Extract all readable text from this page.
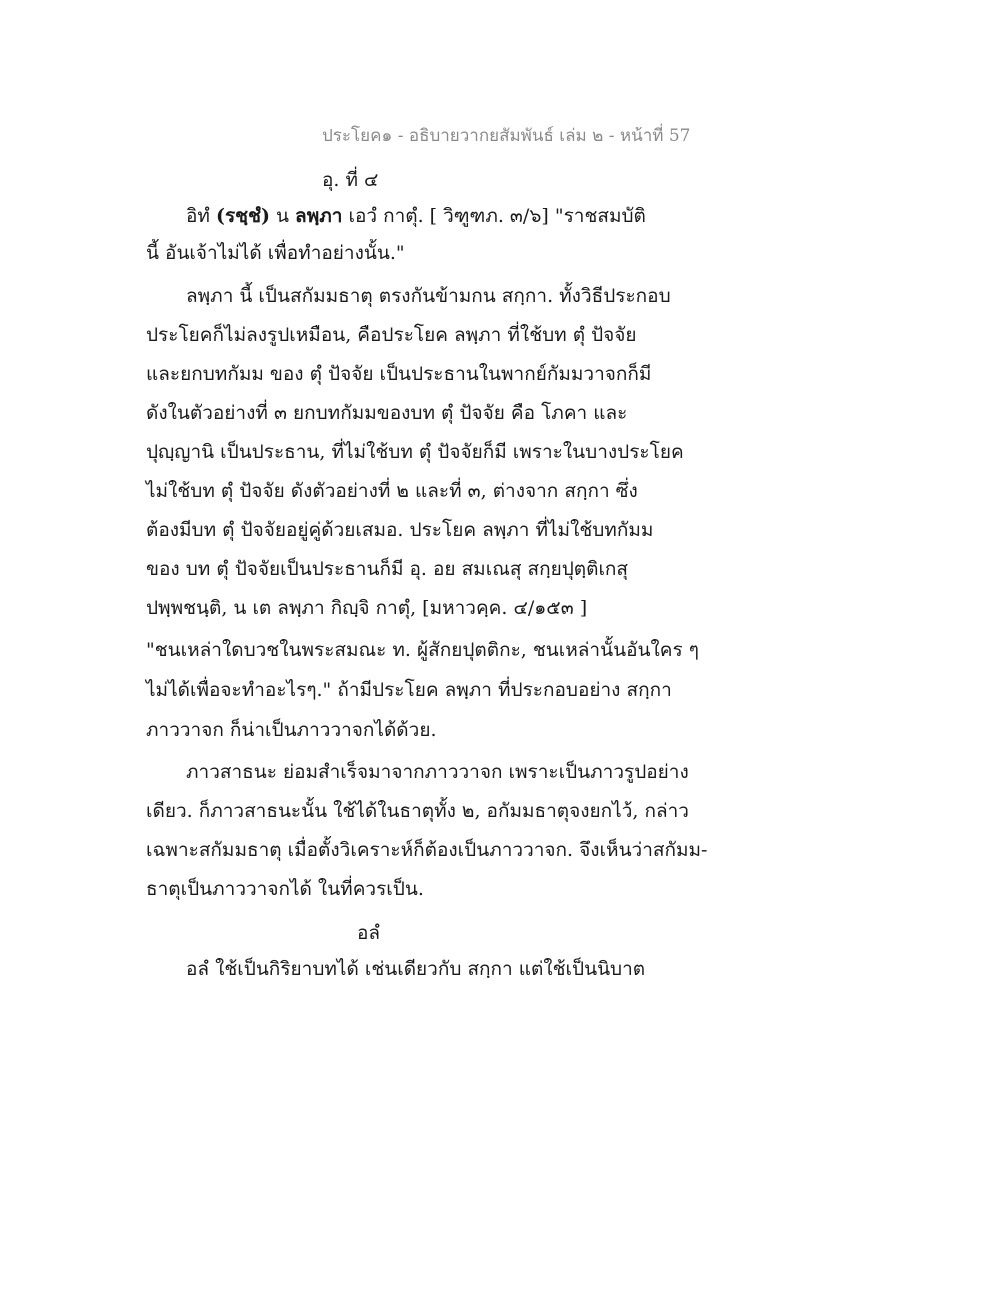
ประโยค๑ - อธิบายวากยสัมพันธ์ เล่ม ๒ - หน้าที่ 57
อุ. ที่ ๔
อิทํ (รชฺชํ) น ลพฺภา เอวํ กาตุํ. [ วิฑูฑภ. ๓/๖] "ราชสมบัติ
นี้ อันเจ้าไม่ได้ เพื่อทำอย่างนั้น."
ลพฺภา นี้ เป็นสกัมมธาตุ ตรงกันข้ามกน สกฺกา. ทั้งวิธีประกอบ
ประโยคก็ไม่ลงรูปเหมือน, คือประโยค ลพฺภา ที่ใช้บท ตุํ ปัจจัย
และยกบทกัมม ของ ตุํ ปัจจัย เป็นประธานในพากย์กัมมวาจกก็มี
ดังในตัวอย่างที่ ๓ ยกบทกัมมของบท ตุํ ปัจจัย คือ โภคา และ
ปุญฺญานิ เป็นประธาน, ที่ไม่ใช้บท ตุํ ปัจจัยก็มี เพราะในบางประโยค
ไม่ใช้บท ตุํ ปัจจัย ดังตัวอย่างที่ ๒ และที่ ๓, ต่างจาก สกฺกา ซึ่ง
ต้องมีบท ตุํ ปัจจัยอยู่คู่ด้วยเสมอ. ประโยค ลพฺภา ที่ไม่ใช้บทกัมม
ของ บท ตุํ ปัจจัยเป็นประธานก็มี อุ. อย สมเณสุ สกฺยปุตฺติเกสุ
ปพฺพชนฺติ, น เต ลพฺภา กิญฺจิ กาตุํ, [มหาวคฺค. ๔/๑๕๓ ]
"ชนเหล่าใดบวชในพระสมณะ ท. ผู้สักยปุตติกะ, ชนเหล่านั้นอันใคร ๆ
ไม่ได้เพื่อจะทำอะไรๆ." ถ้ามีประโยค ลพฺภา ที่ประกอบอย่าง สกฺกา
ภาววาจก ก็น่าเป็นภาววาจกได้ด้วย.
ภาวสาธนะ ย่อมสำเร็จมาจากภาววาจก เพราะเป็นภาวรูปอย่าง
เดียว. ก็ภาวสาธนะนั้น ใช้ได้ในธาตุทั้ง ๒, อกัมมธาตุจงยกไว้, กล่าว
เฉพาะสกัมมธาตุ เมื่อตั้งวิเคราะห์ก็ต้องเป็นภาววาจก. จึงเห็นว่าสกัมม-
ธาตุเป็นภาววาจกได้ ในที่ควรเป็น.
อลํ
อลํ ใช้เป็นกิริยาบทได้ เช่นเดียวกับ สกฺกา แต่ใช้เป็นนิบาต
